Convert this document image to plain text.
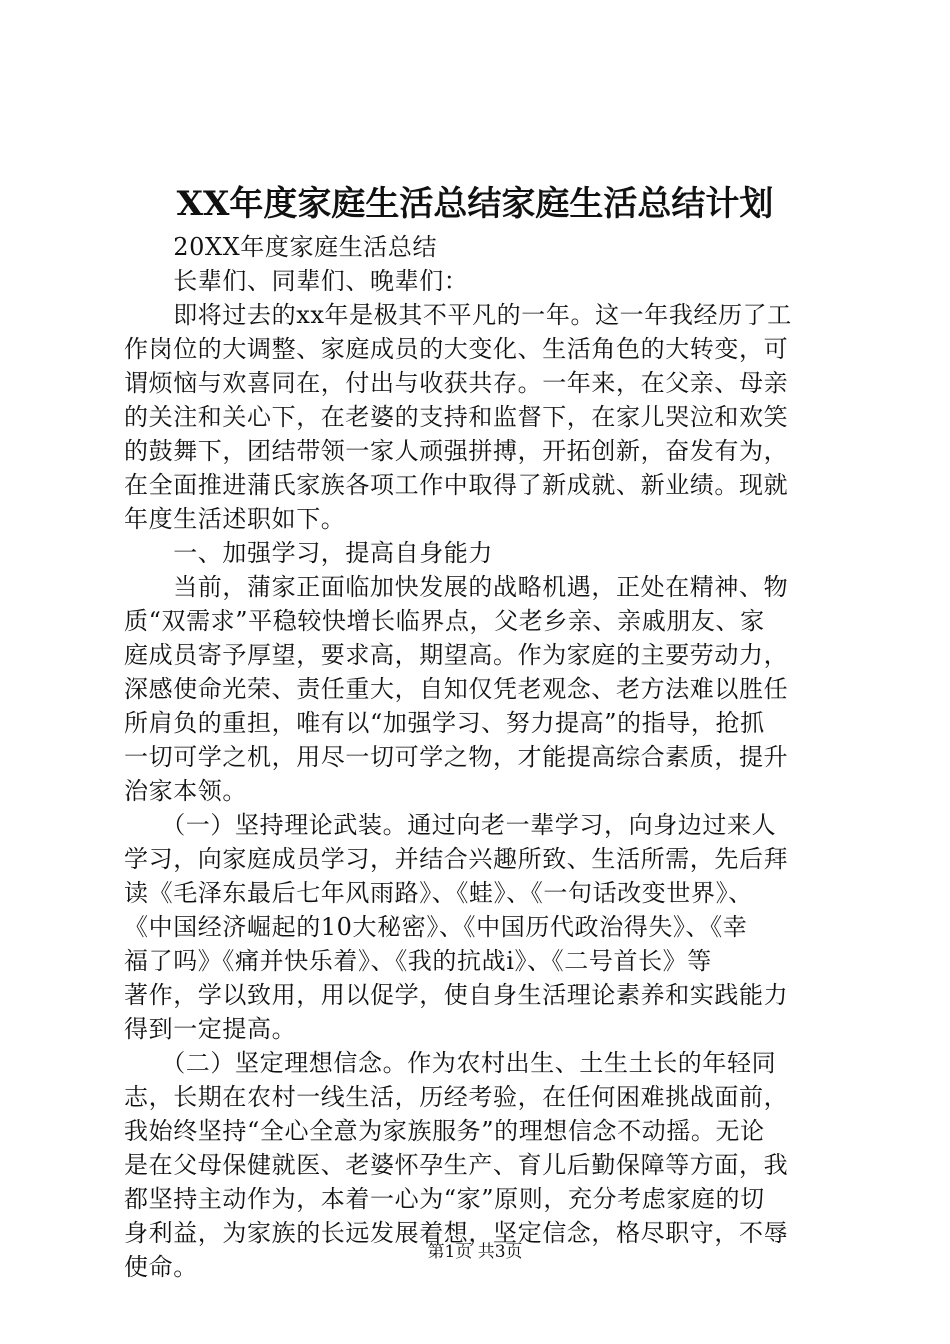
XX年度家庭生活总结家庭生活总结计划
　　20XX年度家庭生活总结
　　长辈们、同辈们、晚辈们：
　　即将过去的xx年是极其不平凡的一年。这一年我经历了工
作岗位的大调整、家庭成员的大变化、生活角色的大转变，可
谓烦恼与欢喜同在，付出与收获共存。一年来，在父亲、母亲
的关注和关心下，在老婆的支持和监督下，在家儿哭泣和欢笑
的鼓舞下，团结带领一家人顽强拼搏，开拓创新，奋发有为，
在全面推进蒲氏家族各项工作中取得了新成就、新业绩。现就
年度生活述职如下。
　　一、加强学习，提高自身能力
　　当前，蒲家正面临加快发展的战略机遇，正处在精神、物
质“双需求”平稳较快增长临界点，父老乡亲、亲戚朋友、家
庭成员寄予厚望，要求高，期望高。作为家庭的主要劳动力，
深感使命光荣、责任重大，自知仅凭老观念、老方法难以胜任
所肩负的重担，唯有以“加强学习、努力提高”的指导，抢抓
一切可学之机，用尽一切可学之物，才能提高综合素质，提升
治家本领。
　　（一）坚持理论武装。通过向老一辈学习，向身边过来人
学习，向家庭成员学习，并结合兴趣所致、生活所需，先后拜
读《毛泽东最后七年风雨路》、《蛙》、《一句话改变世界》、
《中国经济崛起的10大秘密》、《中国历代政治得失》、《幸
福了吗》《痛并快乐着》、《我的抗战ⅰ》、《二号首长》等
著作，学以致用，用以促学，使自身生活理论素养和实践能力
得到一定提高。
　　（二）坚定理想信念。作为农村出生、土生土长的年轻同
志，长期在农村一线生活，历经考验，在任何困难挑战面前，
我始终坚持“全心全意为家族服务”的理想信念不动摇。无论
是在父母保健就医、老婆怀孕生产、育儿后勤保障等方面，我
都坚持主动作为，本着一心为“家”原则，充分考虑家庭的切
身利益，为家族的长远发展着想，坚定信念，格尽职守，不辱
使命。
第1页 共3页
